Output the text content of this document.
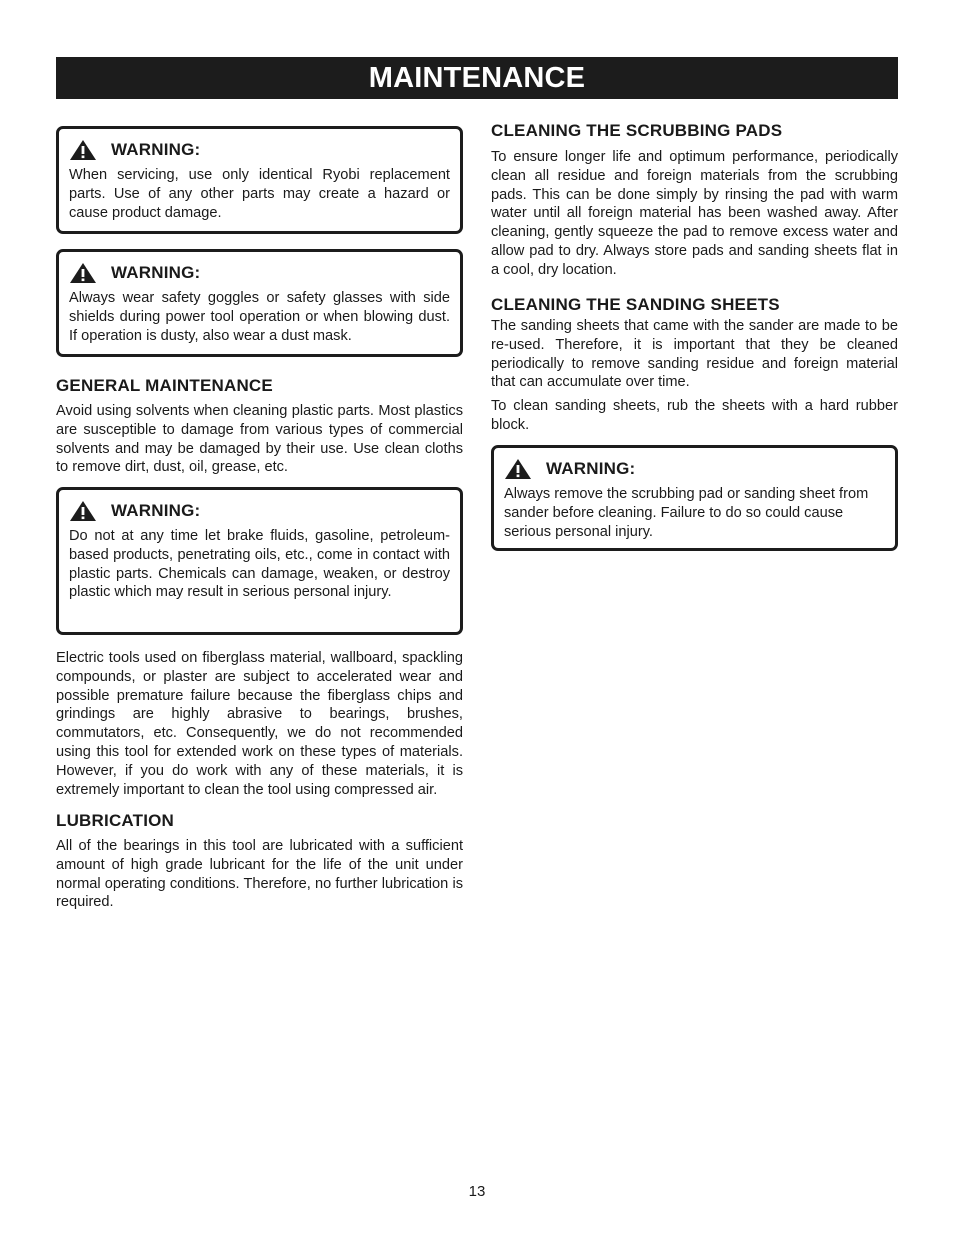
MAINTENANCE
WARNING:

When servicing, use only identical Ryobi replacement parts. Use of any other parts may create a hazard or cause product damage.

WARNING:

Always wear safety goggles or safety glasses with side shields during power tool operation or when blowing dust. If operation is dusty, also wear a dust mask.

GENERAL MAINTENANCE

Avoid using solvents when cleaning plastic parts. Most plastics are susceptible to damage from various types of commercial solvents and may be damaged by their use. Use clean cloths to remove dirt, dust, oil, grease, etc.

WARNING:

Do not at any time let brake fluids, gasoline, petroleum-based products, penetrating oils, etc., come in contact with plastic parts. Chemicals can damage, weaken, or destroy plastic which may result in serious personal injury.

Electric tools used on fiberglass material, wallboard, spackling compounds, or plaster are subject to accelerated wear and possible premature failure because the fiberglass chips and grindings are highly abrasive to bearings, brushes, commutators, etc. Consequently, we do not recommended using this tool for extended work on these types of materials. However, if you do work with any of these materials, it is extremely important to clean the tool using compressed air.

LUBRICATION

All of the bearings in this tool are lubricated with a sufficient amount of high grade lubricant for the life of the unit under normal operating conditions. Therefore, no further lubrication is required.

CLEANING THE SCRUBBING PADS

To ensure longer life and optimum performance, periodically clean all residue and foreign materials from the scrubbing pads. This can be done simply by rinsing the pad with warm water until all foreign material has been washed away. After cleaning, gently squeeze the pad to remove excess water and allow pad to dry. Always store pads and sanding sheets flat in a cool, dry location.

CLEANING THE SANDING SHEETS

The sanding sheets that came with the sander are made to be re-used. Therefore, it is important that they be cleaned periodically to remove sanding residue and foreign material that can accumulate over time.

To clean sanding sheets, rub the sheets with a hard rubber block.

WARNING:

Always remove the scrubbing pad or sanding sheet from sander before cleaning. Failure to do so could cause serious personal injury.

13
